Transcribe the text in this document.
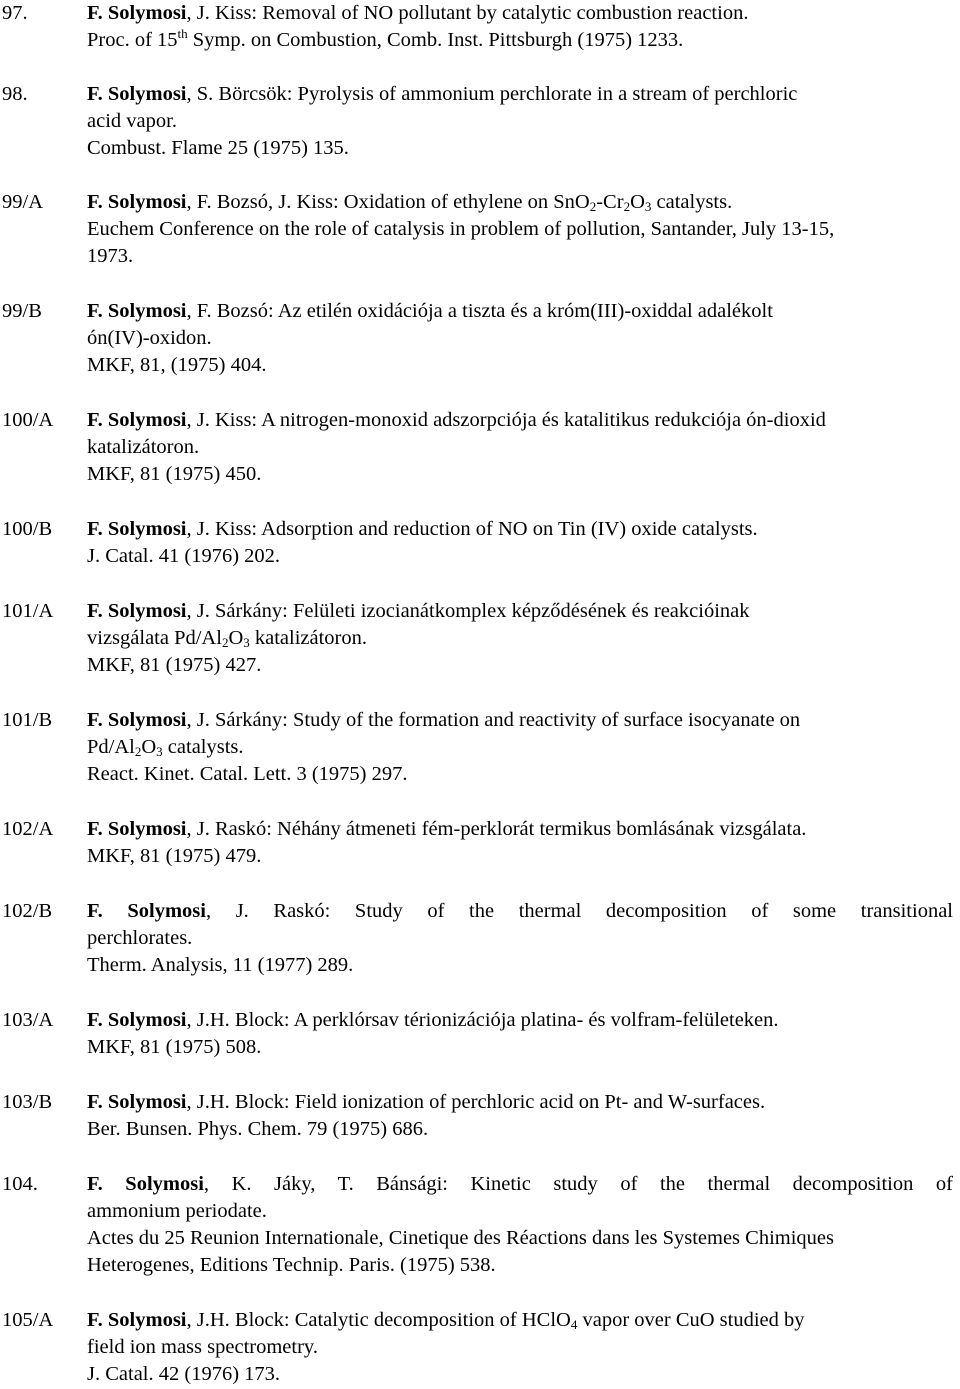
97.	F. Solymosi, J. Kiss: Removal of NO pollutant by catalytic combustion reaction.
Proc. of 15th Symp. on Combustion, Comb. Inst. Pittsburgh (1975) 1233.
98.	F. Solymosi, S. Börcsök: Pyrolysis of ammonium perchlorate in a stream of perchloric
acid vapor.
Combust. Flame 25 (1975) 135.
99/A F. Solymosi, F. Bozsó, J. Kiss: Oxidation of ethylene on $SnO_2-Cr_2O_3$ catalysts.
Euchem Conference on the role of catalysis in problem of pollution, Santander, July 13-15,
1973.
99/B F. Solymosi, F. Bozsó: Az etilén oxidációja a tiszta és a króm(III)-oxiddal adalékolt
ón(IV)-oxidon.
MKF, 81, (1975) 404.
100/A F. Solymosi, J. Kiss: A nitrogen-monoxid adszorpciója és katalitikus redukciója ón-dioxid
katalizátoron.
MKF, 81 (1975) 450.
100/B F. Solymosi, J. Kiss: Adsorption and reduction of NO on Tin (IV) oxide catalysts.
J. Catal. 41 (1976) 202.
101/A F. Solymosi, J. Sárkány: Felületi izocianátkomplex képződésének és reakcióinak
vizsgálata $Pd/Al_2O_3$ katalizátoron.
MKF, 81 (1975) 427.
101/B F. Solymosi, J. Sárkány: Study of the formation and reactivity of surface isocyanate on
$Pd/Al_2O_3$ catalysts.
React. Kinet. Catal. Lett. 3 (1975) 297.
102/A F. Solymosi, J. Raskó: Néhány átmeneti fém-perklorát termikus bomlásának vizsgálata.
MKF, 81 (1975) 479.
102/B F. Solymosi, J. Raskó: Study of the thermal decomposition of some transitional
perchlorates.
Therm. Analysis, 11 (1977) 289.
103/A F. Solymosi, J.H. Block: A perklórsav térionizációja platina- és volfram-felületeken.
MKF, 81 (1975) 508.
103/B F. Solymosi, J.H. Block: Field ionization of perchloric acid on Pt- and W-surfaces.
Ber. Bunsen. Phys. Chem. 79 (1975) 686.
104. F. Solymosi, K. Jáky, T. Bánsági: Kinetic study of the thermal decomposition of
ammonium periodate.
Actes du 25 Reunion Internationale, Cinetique des Réactions dans les Systemes Chimiques
Heterogenes, Editions Technip. Paris. (1975) 538.
105/A F. Solymosi, J.H. Block: Catalytic decomposition of HClO$_4$ vapor over CuO studied by
field ion mass spectrometry.
J. Catal. 42 (1976) 173.
